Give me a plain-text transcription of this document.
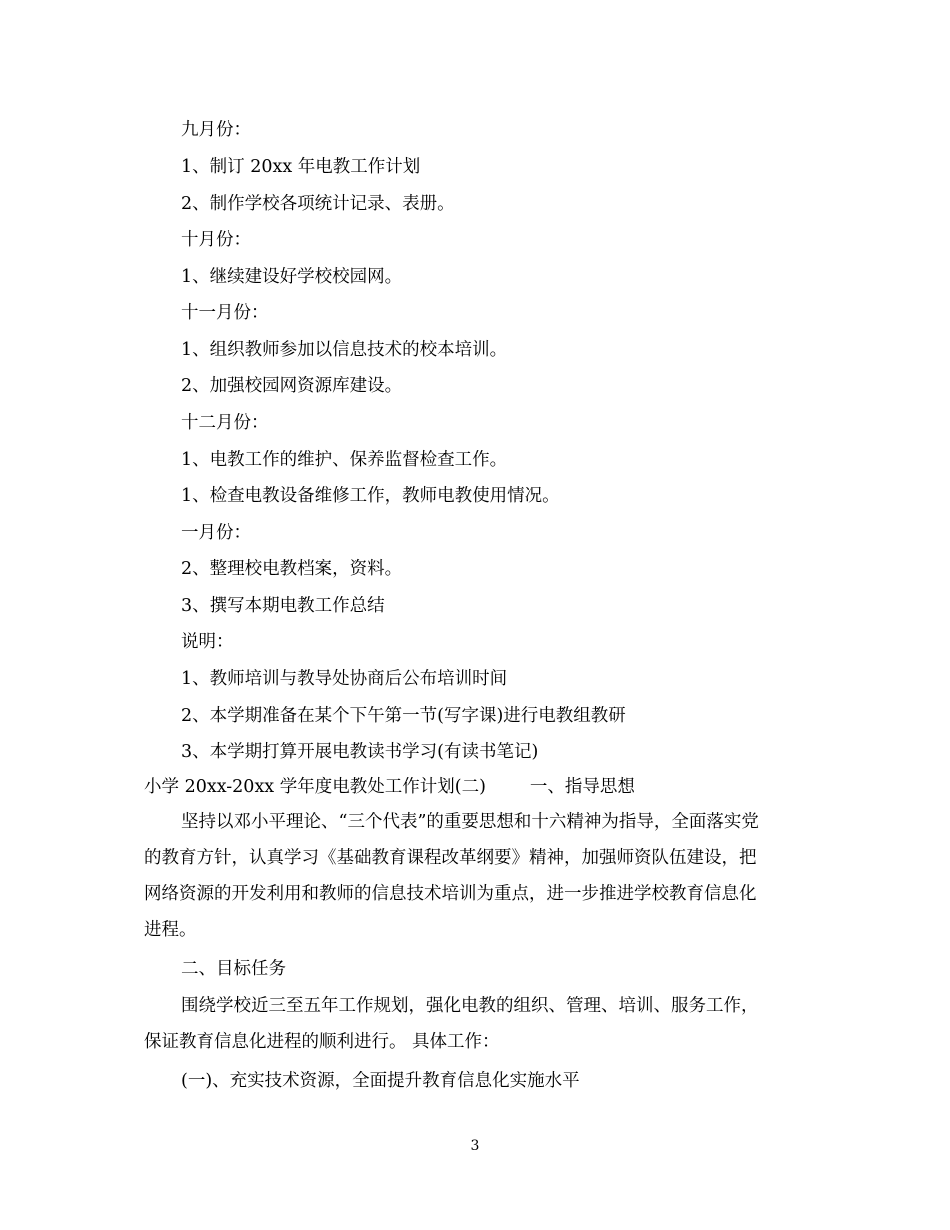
九月份：
1、制订 20xx 年电教工作计划
2、制作学校各项统计记录、表册。
十月份：
1、继续建设好学校校园网。
十一月份：
1、组织教师参加以信息技术的校本培训。
2、加强校园网资源库建设。
十二月份：
1、电教工作的维护、保养监督检查工作。
1、检查电教设备维修工作，教师电教使用情况。
一月份：
2、整理校电教档案，资料。
3、撰写本期电教工作总结
说明：
1、教师培训与教导处协商后公布培训时间
2、本学期准备在某个下午第一节(写字课)进行电教组教研
3、本学期打算开展电教读书学习(有读书笔记)
小学 20xx-20xx 学年度电教处工作计划(二)	一、指导思想
坚持以邓小平理论、“三个代表”的重要思想和十六精神为指导，全面落实党
的教育方针，认真学习《基础教育课程改革纲要》精神，加强师资队伍建设，把
网络资源的开发利用和教师的信息技术培训为重点，进一步推进学校教育信息化
进程。
二、目标任务
围绕学校近三至五年工作规划，强化电教的组织、管理、培训、服务工作，
保证教育信息化进程的顺利进行。 具体工作：
(一)、充实技术资源，全面提升教育信息化实施水平
3
